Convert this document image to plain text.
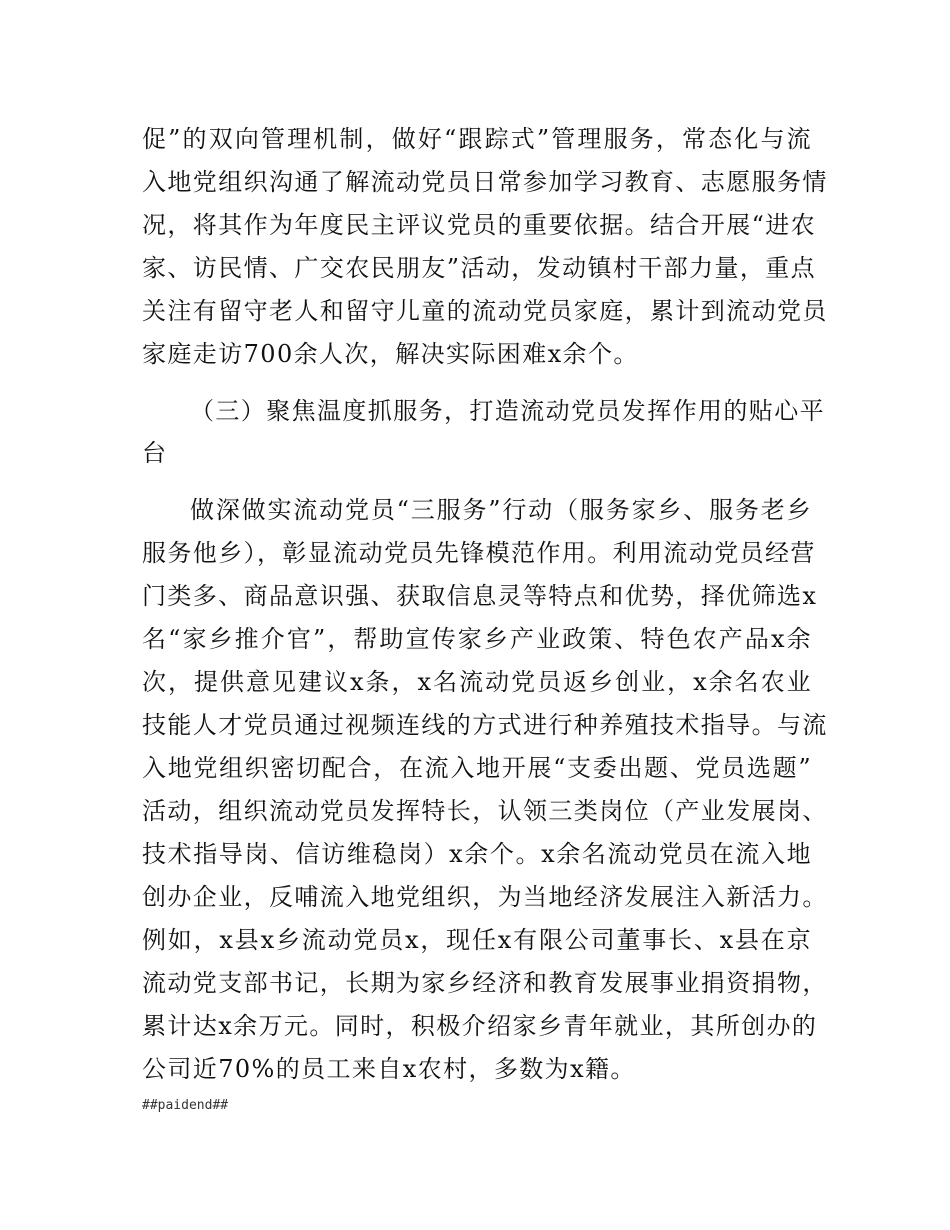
促”的双向管理机制，做好“跟踪式”管理服务，常态化与流
入地党组织沟通了解流动党员日常参加学习教育、志愿服务情
况，将其作为年度民主评议党员的重要依据。结合开展“进农
家、访民情、广交农民朋友”活动，发动镇村干部力量，重点
关注有留守老人和留守儿童的流动党员家庭，累计到流动党员
家庭走访700余人次，解决实际困难x余个。
（三）聚焦温度抓服务，打造流动党员发挥作用的贴心平
台
做深做实流动党员“三服务”行动（服务家乡、服务老乡
服务他乡），彰显流动党员先锋模范作用。利用流动党员经营
门类多、商品意识强、获取信息灵等特点和优势，择优筛选x
名“家乡推介官”，帮助宣传家乡产业政策、特色农产品x余
次，提供意见建议x条，x名流动党员返乡创业，x余名农业
技能人才党员通过视频连线的方式进行种养殖技术指导。与流
入地党组织密切配合，在流入地开展“支委出题、党员选题”
活动，组织流动党员发挥特长，认领三类岗位（产业发展岗、
技术指导岗、信访维稳岗）x余个。x余名流动党员在流入地
创办企业，反哺流入地党组织，为当地经济发展注入新活力。
例如，x县x乡流动党员x，现任x有限公司董事长、x县在京
流动党支部书记，长期为家乡经济和教育发展事业捐资捐物，
累计达x余万元。同时，积极介绍家乡青年就业，其所创办的
公司近70%的员工来自x农村，多数为x籍。
##paidend##
